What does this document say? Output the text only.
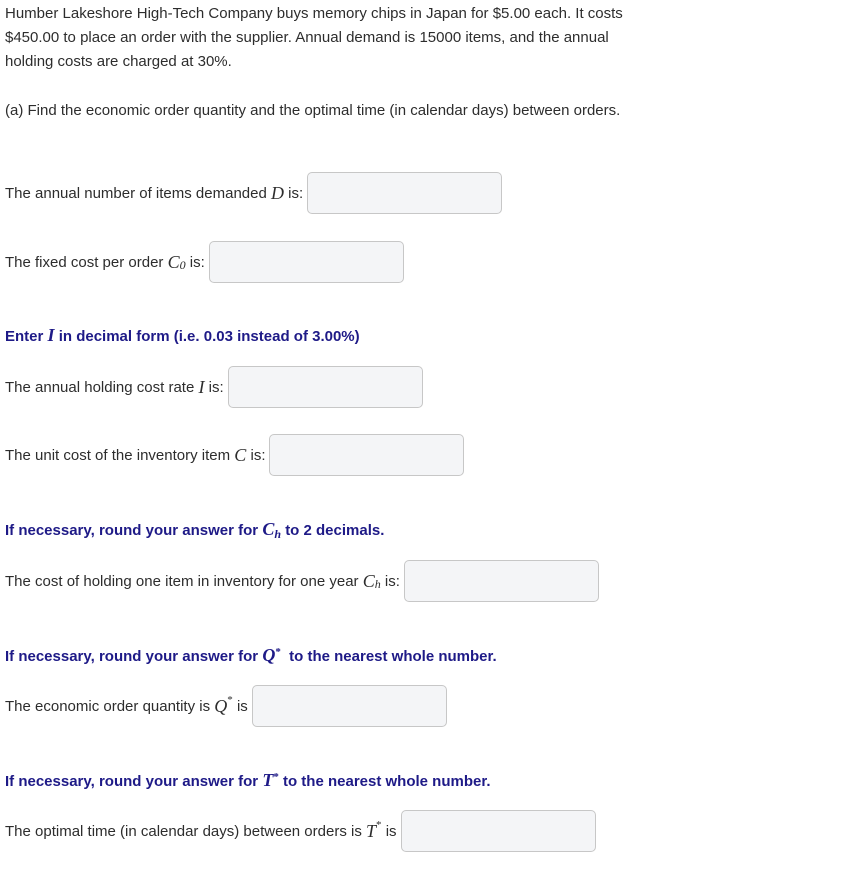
Humber Lakeshore High-Tech Company buys memory chips in Japan for $5.00 each. It costs $450.00 to place an order with the supplier. Annual demand is 15000 items, and the annual holding costs are charged at 30%.

(a) Find the economic order quantity and the optimal time (in calendar days) between orders.

The annual number of items demanded
D
is:
The fixed cost per order
C 0
is:

Enter I in decimal form (i.e. 0.03 instead of 3.00%)

The annual holding cost rate
I
is:
The unit cost of the inventory item
C
is:

If necessary, round your answer for $C_h$ to 2 decimals.

The cost of holding one item in inventory for one year
C h
is:

If necessary, round your answer for Q* to the nearest whole number.

The economic order quantity is
Q *
is

If necessary, round your answer for T* to the nearest whole number.

The optimal time (in calendar days) between orders is
T *
is
